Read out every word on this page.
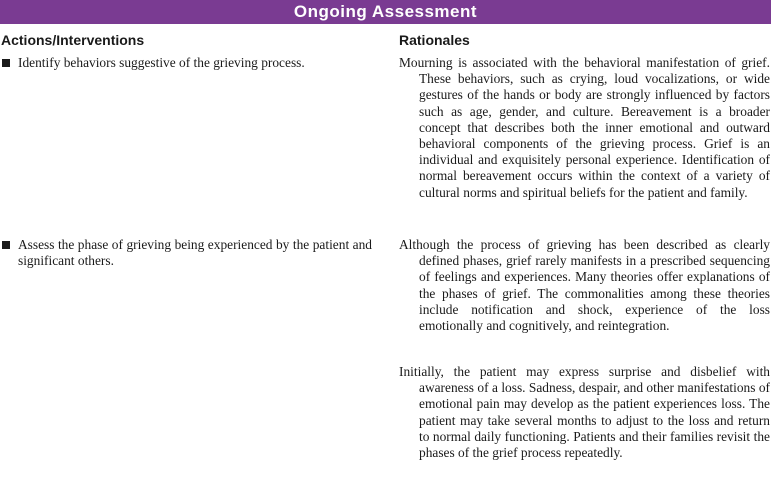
Ongoing Assessment
Actions/Interventions	Rationales
Identify behaviors suggestive of the grieving process.
Assess the phase of grieving being experienced by the patient and significant others.
Mourning is associated with the behavioral manifestation of grief. These behaviors, such as crying, loud vocalizations, or wide gestures of the hands or body are strongly influenced by factors such as age, gender, and culture. Bereavement is a broader concept that describes both the inner emotional and outward behavioral components of the grieving process. Grief is an individual and exquisitely personal experience. Identification of normal bereavement occurs within the context of a variety of cultural norms and spiritual beliefs for the patient and family.
Although the process of grieving has been described as clearly defined phases, grief rarely manifests in a prescribed sequencing of feelings and experiences. Many theories offer explanations of the phases of grief. The commonalities among these theories include notification and shock, experience of the loss emotionally and cognitively, and reintegration.
Initially, the patient may express surprise and disbelief with awareness of a loss. Sadness, despair, and other manifestations of emotional pain may develop as the patient experiences loss. The patient may take several months to adjust to the loss and return to normal daily functioning. Patients and their families revisit the phases of the grief process repeatedly.
